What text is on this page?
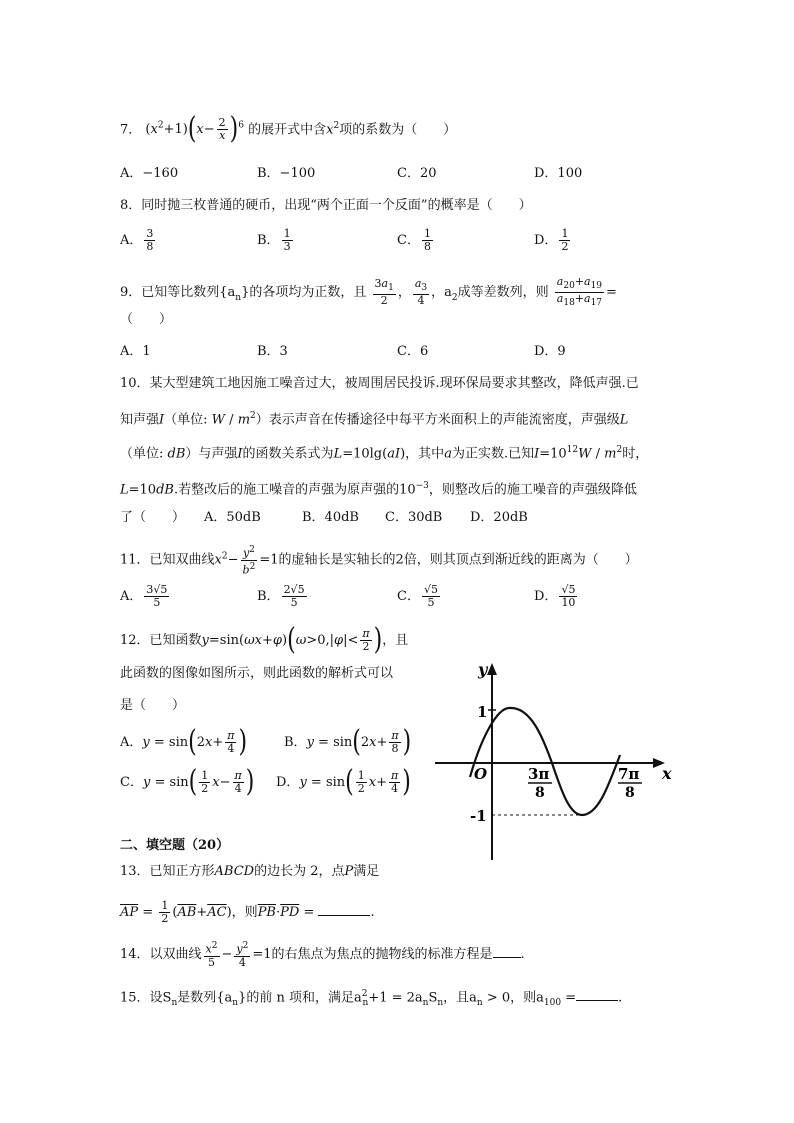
7． $(x^2+1)(x- \frac{2}{x} )^6$ 的展开式中含$x^2$项的系数为（　　）
A．−160	B．−100	C．20	D．100
8．同时抛三枚普通的硬币，出现“两个正面一个反面”的概率是（　　）
A． $\frac{3}{8}$	B． $\frac{1}{3}$	C． $\frac{1}{8}$	D． $\frac{1}{2}$
9．已知等比数列$\{a_n\}$的各项均为正数，且 $\frac{3a_1}{2}$ ， $\frac{a_3}{4}$ ，$a_2$成等差数列，则 $\frac{a_{20}+a_{19}}{a_{18}+a_{17}}$ =
（　　）
A．1	B．3	C．6	D．9
10．某大型建筑工地因施工噪音过大，被周围居民投诉.现环保局要求其整改，降低声强.已
知声强I（单位: W / $m^2$）表示声音在传播途径中每平方米面积上的声能流密度，声强级L
（单位: dB）与声强I的函数关系式为L=10lg(aI)，其中a为正实数.已知$I=10^{12}W / m^2$时，
L=10dB.若整改后的施工噪音的声强为原声强的$10^{-3}$，则整改后的施工噪音的声强级降低
了（　　） A．50dB	B．40dB C．30dB D．20dB
11．已知双曲线$x^2- \frac{y^2}{b^2} =1$的虚轴长是实轴长的2倍，则其顶点到渐近线的距离为（　　）
A． $\frac{3√5}{5}$	B． $\frac{2√5}{5}$	C． $\frac{√5}{5}$	D． $\frac{√5}{10}$
12．已知函数$y=\sin(\omega x+\varphi)(\omega>0,|\varphi|< \frac{\pi}{2}$ )，且
此函数的图像如图所示，则此函数的解析式可以
是（　　）
A．$y = \sin(2x+ \frac{\pi}{4}$ )	B．$y = \sin(2x+ \frac{\pi}{8}$ )
C．$y = \sin( \frac{1}{2} x- \frac{\pi}{4}$ ) D．$y = \sin( \frac{1}{2} x+ \frac{\pi}{4}$ )
y
x
O
1
-1
3π
8
7π
8
二、填空题（20）
13．已知正方形ABCD的边长为 2，点P满足
$\overline{AP} = \frac{1}{2} (\overline{AB}+\overline{AC})$，则$\overline{PB}\cdot\overline{PD}$ =	.
14．以双曲线 $\frac{x^2}{5} - \frac{y^2}{4} =1$的右焦点为焦点的抛物线的标准方程是 .
15．设$S_n$是数列$\{a_n\}$的前 n 项和，满足$a^2_n+1 = 2a_nS_n$，且$a_n > 0$，则$a_{100}$ =	.
